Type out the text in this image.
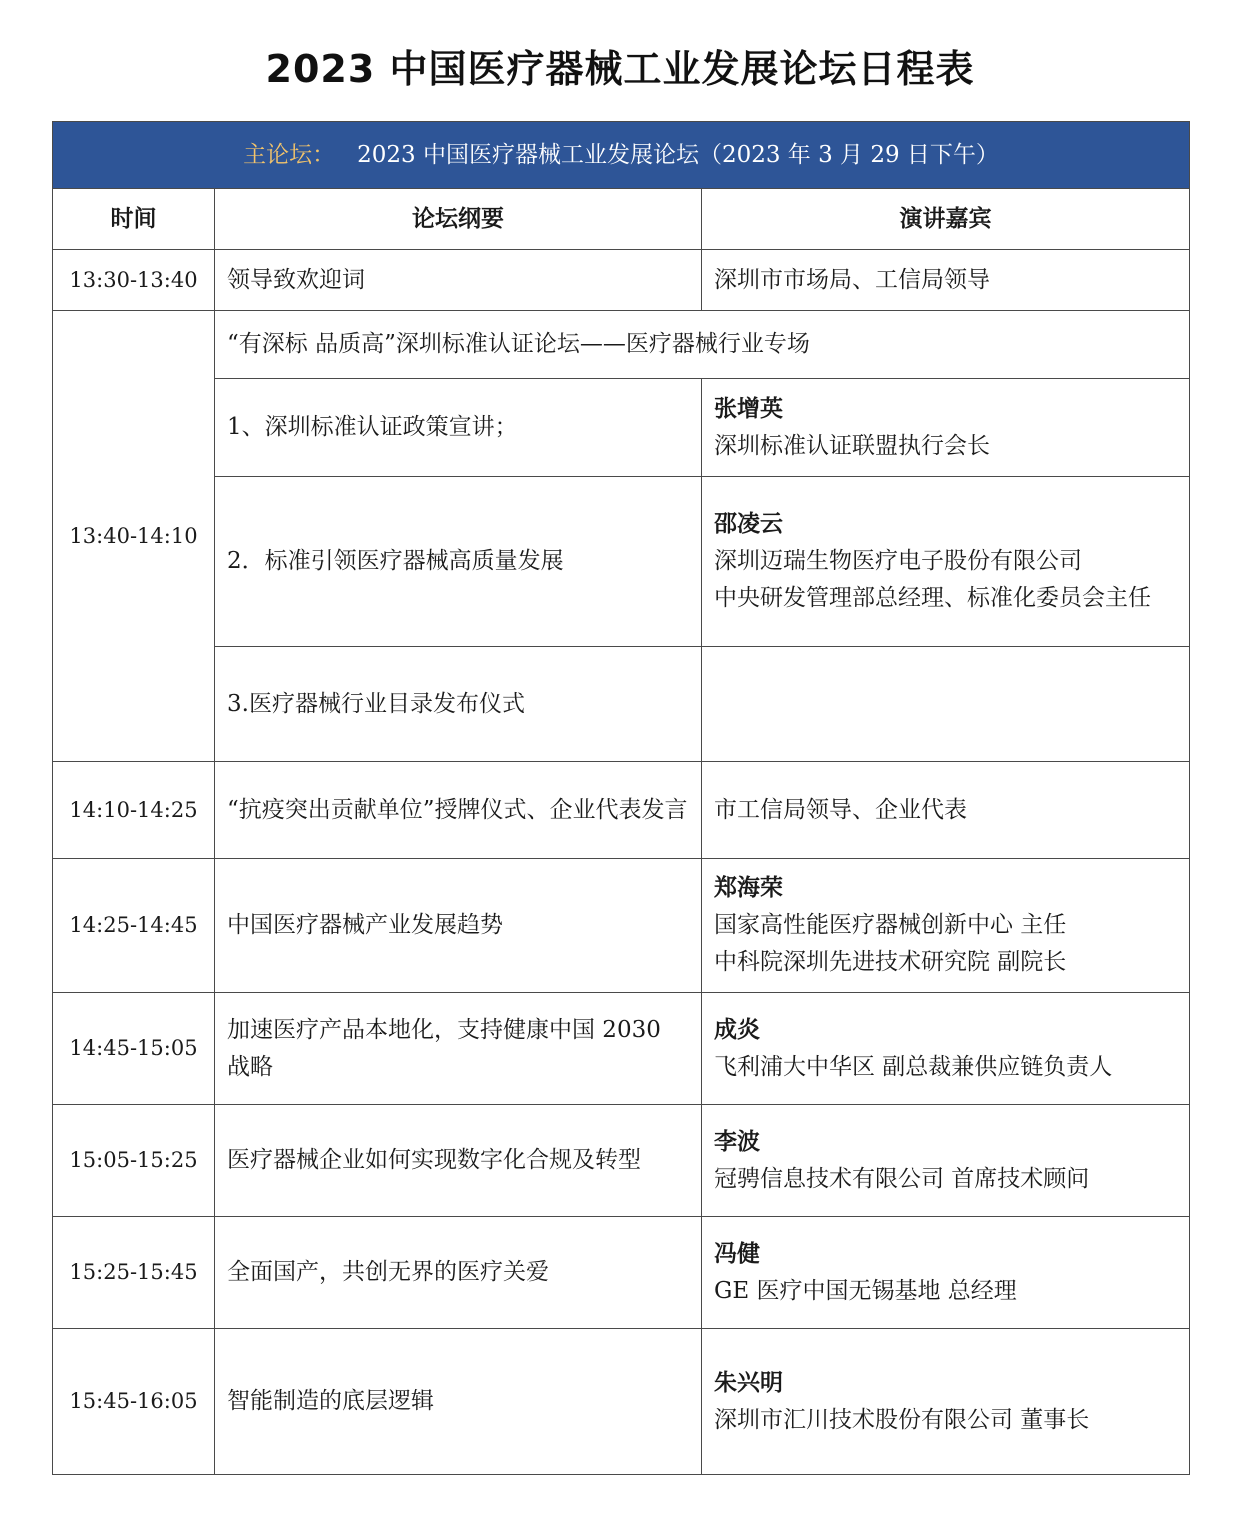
2023 中国医疗器械工业发展论坛日程表
主论坛： 2023 中国医疗器械工业发展论坛（2023 年 3 月 29 日下午）		
时间	论坛纲要	演讲嘉宾
13:30-13:40	领导致欢迎词	深圳市市场局、工信局领导
13:40-14:10	“有深标 品质高”深圳标准认证论坛——医疗器械行业专场	
	1、深圳标准认证政策宣讲；	张增英
深圳标准认证联盟执行会长

	2．标准引领医疗器械高质量发展	邵凌云
深圳迈瑞生物医疗电子股份有限公司
中央研发管理部总经理、标准化委员会主任

	3.医疗器械行业目录发布仪式	
14:10-14:25	“抗疫突出贡献单位”授牌仪式、企业代表发言	市工信局领导、企业代表
14:25-14:45	中国医疗器械产业发展趋势	郑海荣
国家高性能医疗器械创新中心 主任
中科院深圳先进技术研究院 副院长

14:45-15:05	加速医疗产品本地化，支持健康中国 2030 战略	成炎
飞利浦大中华区 副总裁兼供应链负责人

15:05-15:25	医疗器械企业如何实现数字化合规及转型	李波
冠骋信息技术有限公司 首席技术顾问

15:25-15:45	全面国产，共创无界的医疗关爱	冯健
GE 医疗中国无锡基地 总经理

15:45-16:05	智能制造的底层逻辑	朱兴明
深圳市汇川技术股份有限公司 董事长
